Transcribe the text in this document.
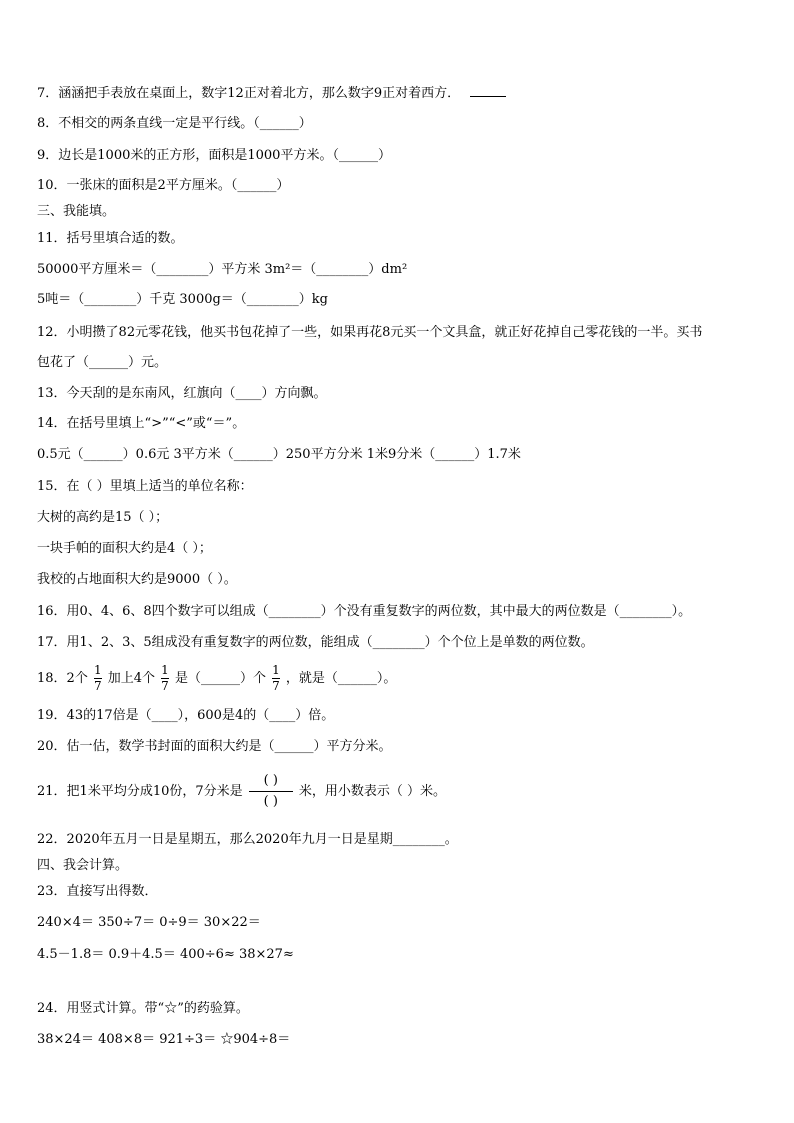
7．涵涵把手表放在桌面上，数字12正对着北方，那么数字9正对着西方．
8．不相交的两条直线一定是平行线。（______）
9．边长是1000米的正方形，面积是1000平方米。（______）
10．一张床的面积是2平方厘米。（______）
三、我能填。
11．括号里填合适的数。
50000平方厘米＝（________）平方米 3m²＝（________）dm²
5吨＝（________）千克 3000g＝（________）kg
12．小明攒了82元零花钱，他买书包花掉了一些，如果再花8元买一个文具盒，就正好花掉自己零花钱的一半。买书
包花了（______）元。
13．今天刮的是东南风，红旗向（____）方向飘。
14．在括号里填上“>”“<”或“＝”。
0.5元（______）0.6元 3平方米（______）250平方分米 1米9分米（______）1.7米
15．在（ ）里填上适当的单位名称：
大树的高约是15（ ）；
一块手帕的面积大约是4（ ）；
我校的占地面积大约是9000（ ）。
16．用0、4、6、8四个数字可以组成（________）个没有重复数字的两位数，其中最大的两位数是（________）。
17．用1、2、3、5组成没有重复数字的两位数，能组成（________）个个位上是单数的两位数。
18．2个 $\frac{1}{7}$ 加上4个 $\frac{1}{7}$ 是（______）个 $\frac{1}{7}$ ，就是（______）。
19．43的17倍是（____），600是4的（____）倍。
20．估一估，数学书封面的面积大约是（______）平方分米。
21．把1米平均分成10份，7分米是
( )
( )
米，用小数表示（ ）米。
22．2020年五月一日是星期五，那么2020年九月一日是星期________。
四、我会计算。
23．直接写出得数．
240×4＝ 350÷7＝ 0÷9＝ 30×22＝
4.5－1.8＝ 0.9＋4.5＝ 400÷6≈ 38×27≈
24．用竖式计算。带“☆”的药验算。
38×24＝ 408×8＝ 921÷3＝ ☆904÷8＝
